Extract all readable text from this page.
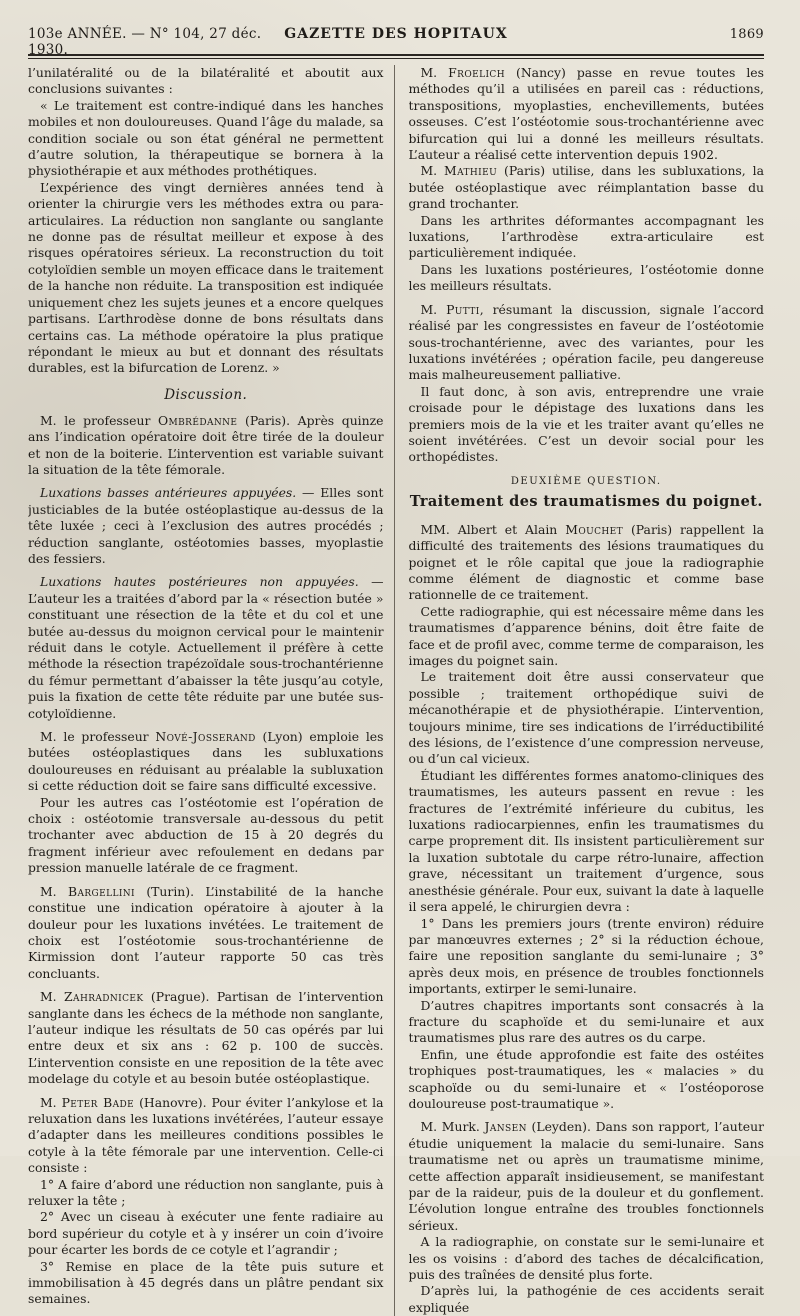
103e ANNÉE. — N° 104, 27 déc. 1930.
GAZETTE DES HOPITAUX	1869

l’unilatéralité ou de la bilatéralité et aboutit aux conclusions suivantes :

« Le traitement est contre-indiqué dans les hanches mobiles et non douloureuses. Quand l’âge du malade, sa condition sociale ou son état général ne permettent d’autre solution, la thérapeutique se bornera à la physiothérapie et aux méthodes prothétiques.

L’expérience des vingt dernières années tend à orienter la chirurgie vers les méthodes extra ou para-articulaires. La réduction non sanglante ou sanglante ne donne pas de résultat meilleur et expose à des risques opératoires sérieux. La reconstruction du toit cotyloïdien semble un moyen efficace dans le traitement de la hanche non réduite. La transposition est indiquée uniquement chez les sujets jeunes et a encore quelques partisans. L’arthrodèse donne de bons résultats dans certains cas. La méthode opératoire la plus pratique répondant le mieux au but et donnant des résultats durables, est la bifurcation de Lorenz. »

Discussion.

M. le professeur Ombrédanne (Paris). Après quinze ans l’indication opératoire doit être tirée de la douleur et non de la boiterie. L’intervention est variable suivant la situation de la tête fémorale.

Luxations basses antérieures appuyées. — Elles sont justiciables de la butée ostéoplastique au-dessus de la tête luxée ; ceci à l’exclusion des autres procédés ; réduction sanglante, ostéotomies basses, myoplastie des fessiers.

Luxations hautes postérieures non appuyées. — L’auteur les a traitées d’abord par la « résection butée » constituant une résection de la tête et du col et une butée au-dessus du moignon cervical pour le maintenir réduit dans le cotyle. Actuellement il préfère à cette méthode la résection trapézoïdale sous-trochantérienne du fémur permettant d’abaisser la tête jusqu’au cotyle, puis la fixation de cette tête réduite par une butée sus-cotyloïdienne.

M. le professeur Nové-Josserand (Lyon) emploie les butées ostéoplastiques dans les subluxations douloureuses en réduisant au préalable la subluxation si cette réduction doit se faire sans difficulté excessive.

Pour les autres cas l’ostéotomie est l’opération de choix : ostéotomie transversale au-dessous du petit trochanter avec abduction de 15 à 20 degrés du fragment inférieur avec refoulement en dedans par pression manuelle latérale de ce fragment.

M. Bargellini (Turin). L’instabilité de la hanche constitue une indication opératoire à ajouter à la douleur pour les luxations invétées. Le traitement de choix est l’ostéotomie sous-trochantérienne de Kirmission dont l’auteur rapporte 50 cas très concluants.

M. Zahradnicek (Prague). Partisan de l’intervention sanglante dans les échecs de la méthode non sanglante, l’auteur indique les résultats de 50 cas opérés par lui entre deux et six ans : 62 p. 100 de succès. L’intervention consiste en une reposition de la tête avec modelage du cotyle et au besoin butée ostéoplastique.

M. Peter Bade (Hanovre). Pour éviter l’ankylose et la reluxation dans les luxations invétérées, l’auteur essaye d’adapter dans les meilleures conditions possibles le cotyle à la tête fémorale par une intervention. Celle-ci consiste :

1° A faire d’abord une réduction non sanglante, puis à reluxer la tête ;

2° Avec un ciseau à exécuter une fente radiaire au bord supérieur du cotyle et à y insérer un coin d’ivoire pour écarter les bords de ce cotyle et l’agrandir ;

3° Remise en place de la tête puis suture et immobilisation à 45 degrés dans un plâtre pendant six semaines.

M. Froelich (Nancy) passe en revue toutes les méthodes qu’il a utilisées en pareil cas : réductions, transpositions, myoplasties, enchevillements, butées osseuses. C’est l’ostéotomie sous-trochantérienne avec bifurcation qui lui a donné les meilleurs résultats. L’auteur a réalisé cette intervention depuis 1902.

M. Mathieu (Paris) utilise, dans les subluxations, la butée ostéoplastique avec réimplantation basse du grand trochanter.

Dans les arthrites déformantes accompagnant les luxations, l’arthrodèse extra-articulaire est particulièrement indiquée.

Dans les luxations postérieures, l’ostéotomie donne les meilleurs résultats.

M. Putti, résumant la discussion, signale l’accord réalisé par les congressistes en faveur de l’ostéotomie sous-trochantérienne, avec des variantes, pour les luxations invétérées ; opération facile, peu dangereuse mais malheureusement palliative.

Il faut donc, à son avis, entreprendre une vraie croisade pour le dépistage des luxations dans les premiers mois de la vie et les traiter avant qu’elles ne soient invétérées. C’est un devoir social pour les orthopédistes.

DEUXIÈME QUESTION.
Traitement des traumatismes du poignet.

MM. Albert et Alain Mouchet (Paris) rappellent la difficulté des traitements des lésions traumatiques du poignet et le rôle capital que joue la radiographie comme élément de diagnostic et comme base rationnelle de ce traitement.

Cette radiographie, qui est nécessaire même dans les traumatismes d’apparence bénins, doit être faite de face et de profil avec, comme terme de comparaison, les images du poignet sain.

Le traitement doit être aussi conservateur que possible ; traitement orthopédique suivi de mécanothérapie et de physiothérapie. L’intervention, toujours minime, tire ses indications de l’irréductibilité des lésions, de l’existence d’une compression nerveuse, ou d’un cal vicieux.

Étudiant les différentes formes anatomo-cliniques des traumatismes, les auteurs passent en revue : les fractures de l’extrémité inférieure du cubitus, les luxations radiocarpiennes, enfin les traumatismes du carpe proprement dit. Ils insistent particulièrement sur la luxation subtotale du carpe rétro-lunaire, affection grave, nécessitant un traitement d’urgence, sous anesthésie générale. Pour eux, suivant la date à laquelle il sera appelé, le chirurgien devra :

1° Dans les premiers jours (trente environ) réduire par manœuvres externes ; 2° si la réduction échoue, faire une reposition sanglante du semi-lunaire ; 3° après deux mois, en présence de troubles fonctionnels importants, extirper le semi-lunaire.

D’autres chapitres importants sont consacrés à la fracture du scaphoïde et du semi-lunaire et aux traumatismes plus rare des autres os du carpe.

Enfin, une étude approfondie est faite des ostéites trophiques post-traumatiques, les « malacies » du scaphoïde ou du semi-lunaire et « l’ostéoporose douloureuse post-traumatique ».

M. Murk. Jansen (Leyden). Dans son rapport, l’auteur étudie uniquement la malacie du semi-lunaire. Sans traumatisme net ou après un traumatisme minime, cette affection apparaît insidieusement, se manifestant par de la raideur, puis de la douleur et du gonflement. L’évolution longue entraîne des troubles fonctionnels sérieux.

A la radiographie, on constate sur le semi-lunaire et les os voisins : d’abord des taches de décalcification, puis des traînées de densité plus forte.

D’après lui, la pathogénie de ces accidents serait expliquée
